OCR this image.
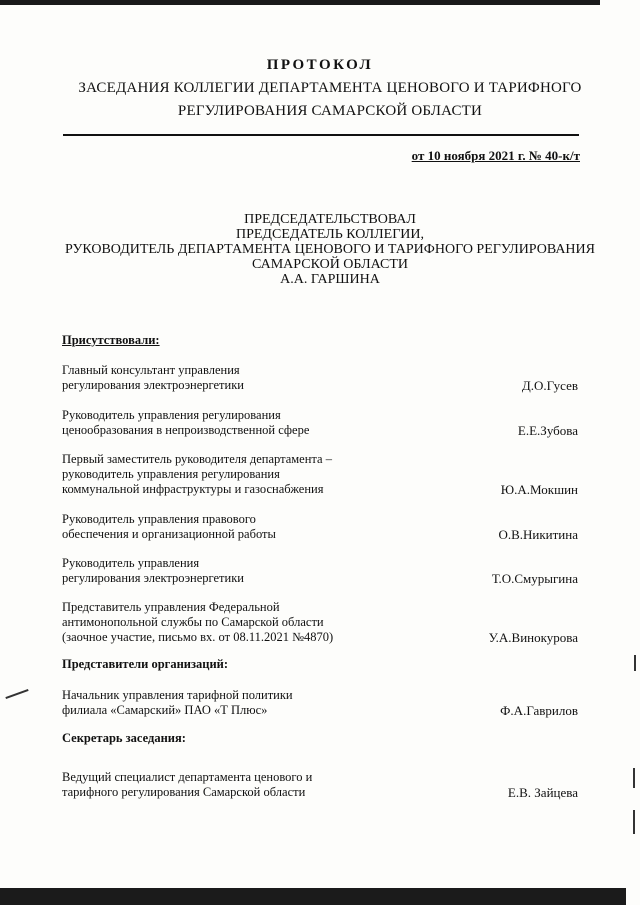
ПРОТОКОЛ
ЗАСЕДАНИЯ КОЛЛЕГИИ ДЕПАРТАМЕНТА ЦЕНОВОГО И ТАРИФНОГО
РЕГУЛИРОВАНИЯ САМАРСКОЙ ОБЛАСТИ
от 10 ноября 2021 г. № 40-к/т
ПРЕДСЕДАТЕЛЬСТВОВАЛ
ПРЕДСЕДАТЕЛЬ КОЛЛЕГИИ,
РУКОВОДИТЕЛЬ ДЕПАРТАМЕНТА ЦЕНОВОГО И ТАРИФНОГО РЕГУЛИРОВАНИЯ
САМАРСКОЙ ОБЛАСТИ
А.А. ГАРШИНА
Присутствовали:
Главный консультант управления
регулирования электроэнергетики	Д.О.Гусев
Руководитель управления регулирования
ценообразования в непроизводственной сфере	Е.Е.Зубова
Первый заместитель руководителя департамента –
руководитель управления регулирования
коммунальной инфраструктуры и газоснабжения	Ю.А.Мокшин
Руководитель управления правового
обеспечения и организационной работы	О.В.Никитина
Руководитель управления
регулирования электроэнергетики	Т.О.Смурыгина
Представитель управления Федеральной
антимонопольной службы по Самарской области
(заочное участие, письмо вх. от 08.11.2021 №4870)	У.А.Винокурова
Представители организаций:
Начальник управления тарифной политики
филиала «Самарский» ПАО «Т Плюс»	Ф.А.Гаврилов
Секретарь заседания:
Ведущий специалист департамента ценового и
тарифного регулирования Самарской области	Е.В. Зайцева
